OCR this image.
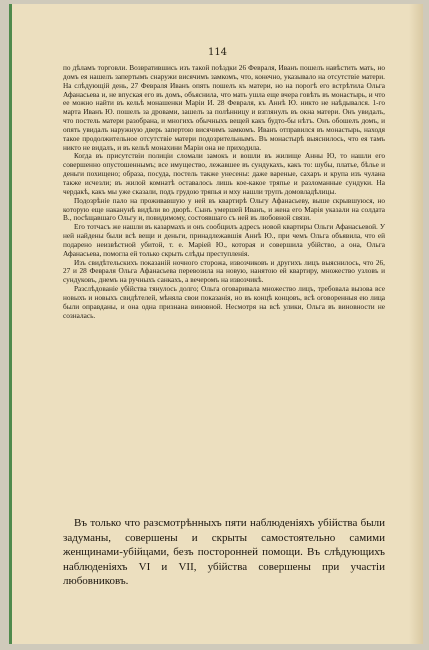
114

по дѣламъ торговли. Возвратившись изъ такой поѣздки 26 Февраля, Иванъ пошелъ навѣстить мать, но домъ ея нашелъ запертымъ снаружи висячимъ замкомъ, что, конечно, указывало на отсутствіе матери. На слѣдующій день, 27 Февраля Иванъ опять пошелъ къ матери, но на порогѣ его встрѣтила Ольга Афанасьева и, не впуская его въ домъ, объяснила, что мать ушла еще вчера говѣть въ монастырь, и что ее можно найти въ кельѣ монашенки Маріи И. 28 Февраля, къ Аннѣ Ю. никто не наѣдывался. 1-го марта Иванъ Ю. пошелъ за дровами, зашелъ за полѣнницу и взглянулъ въ окна матери. Онъ увидалъ, что постель матери разобрана, и многихъ обычныхъ вещей какъ будто-бы нѣтъ. Онъ обошелъ домъ, и опять увидалъ наружную дверь запертою висячимъ замкомъ. Иванъ отправился въ монастырь, находя такое продолжительное отсутствіе матери подозрительнымъ. Въ монастырѣ выяснилось, что ея тамъ никто не видалъ, и въ кельѣ монахини Маріи она не приходила.

Когда въ присутствіи полиціи сломали замокъ и вошли въ жилище Анны Ю, то нашли его совершенно опустошеннымъ; все имущество, лежавшее въ сундукахъ, какъ то: шубы, платье, бѣлье и деньги похищено; образа, посуда, постель также унесены: даже вареные, сахаръ и крупа изъ чулана также исчезли; въ жилой комнатѣ оставалось лишь кое-какое тряпье и разломанные сундуки. На чердакѣ, какъ мы уже сказали, подъ грудою тряпья и мху нашли трупъ домовладѣлицы.

Подозрѣніе пало на проживавшую у ней въ квартирѣ Ольгу Афанасьеву, выше скрывшуюся, но которую еще наканунѣ видѣли во дворѣ. Сынъ умершей Иванъ, и жена его Марія указали на солдата В., посѣщавшаго Ольгу и, повидимому, состоявшаго съ ней въ любовной связи.

Его тотчасъ же нашли въ казармахъ и онъ сообщилъ адресъ новой квартиры Ольги Афанасьевой. У ней найдены были всѣ вещи и деньги, принадлежавшія Аннѣ Ю., при чемъ Ольга объявила, что ей подарено неизвѣстной убитой, т. е. Маріей Ю., которая и совершила убійство, а она, Ольга Афанасьева, помогла ей только скрыть слѣды преступленія.

Изъ свидѣтельскихъ показаній ночного сторожа, извозчиковъ и другихъ лицъ выяснилось, что 26, 27 и 28 Февраля Ольга Афанасьева перевозила на новую, нанятою ей квартиру, множество узловъ и сундуковъ, днемъ на ручныхъ санкахъ, а вечеромъ на извозчикѣ.

Разслѣдованіе убійства тянулось долго; Ольга оговаривала множество лицъ, требовала вызова все новыхъ и новыхъ свидѣтелей, мѣняла свои показанія, но въ концѣ концовъ, всѣ оговоренныя ею лица были оправданы, и она одна признана виновной. Несмотря на всѣ улики, Ольга въ виновности не созналась.

Въ только что разсмотрѣнныхъ пяти наблюденіяхъ убійства были задуманы, совершены и скрыты самостоятельно самими женщинами-убійцами, безъ посторонней помощи. Въ слѣдующихъ наблюденіяхъ VI и VII, убійства совершены при участіи любовниковъ.
